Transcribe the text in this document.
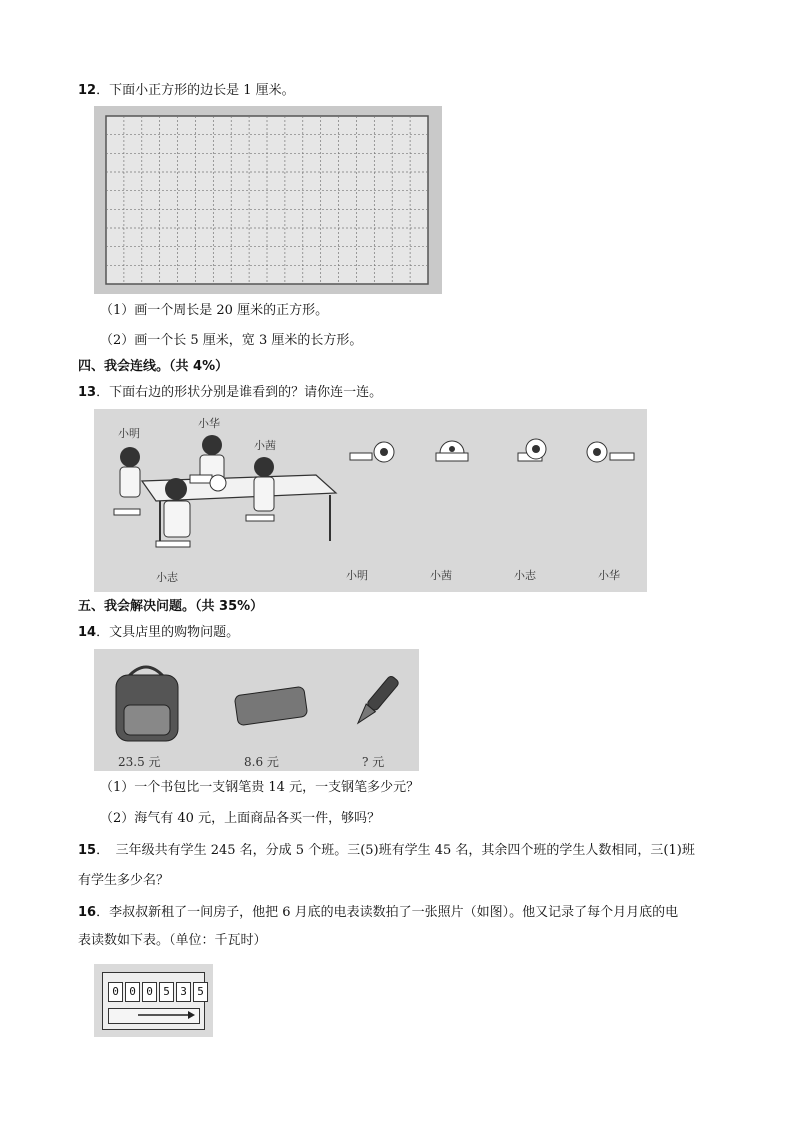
12．下面小正方形的边长是 1 厘米。
（1）画一个周长是 20 厘米的正方形。
（2）画一个长 5 厘米，宽 3 厘米的长方形。
四、我会连线。（共 4%）
13．下面右边的形状分别是谁看到的？请你连一连。
小明
小华
小茜
小志	小明	小茜	小志	小华
五、我会解决问题。（共 35%）
14．文具店里的购物问题。
23.5 元	8.6 元	? 元
（1）一个书包比一支钢笔贵 14 元，一支钢笔多少元？
（2）海气有 40 元，上面商品各买一件，够吗？
15．　三年级共有学生 245 名，分成 5 个班。三(5)班有学生 45 名，其余四个班的学生人数相同，三(1)班
有学生多少名？
16．李叔叔新租了一间房子，他把 6 月底的电表读数拍了一张照片（如图）。他又记录了每个月月底的电
表读数如下表。（单位：千瓦时）
0 0 0 5 3 5
